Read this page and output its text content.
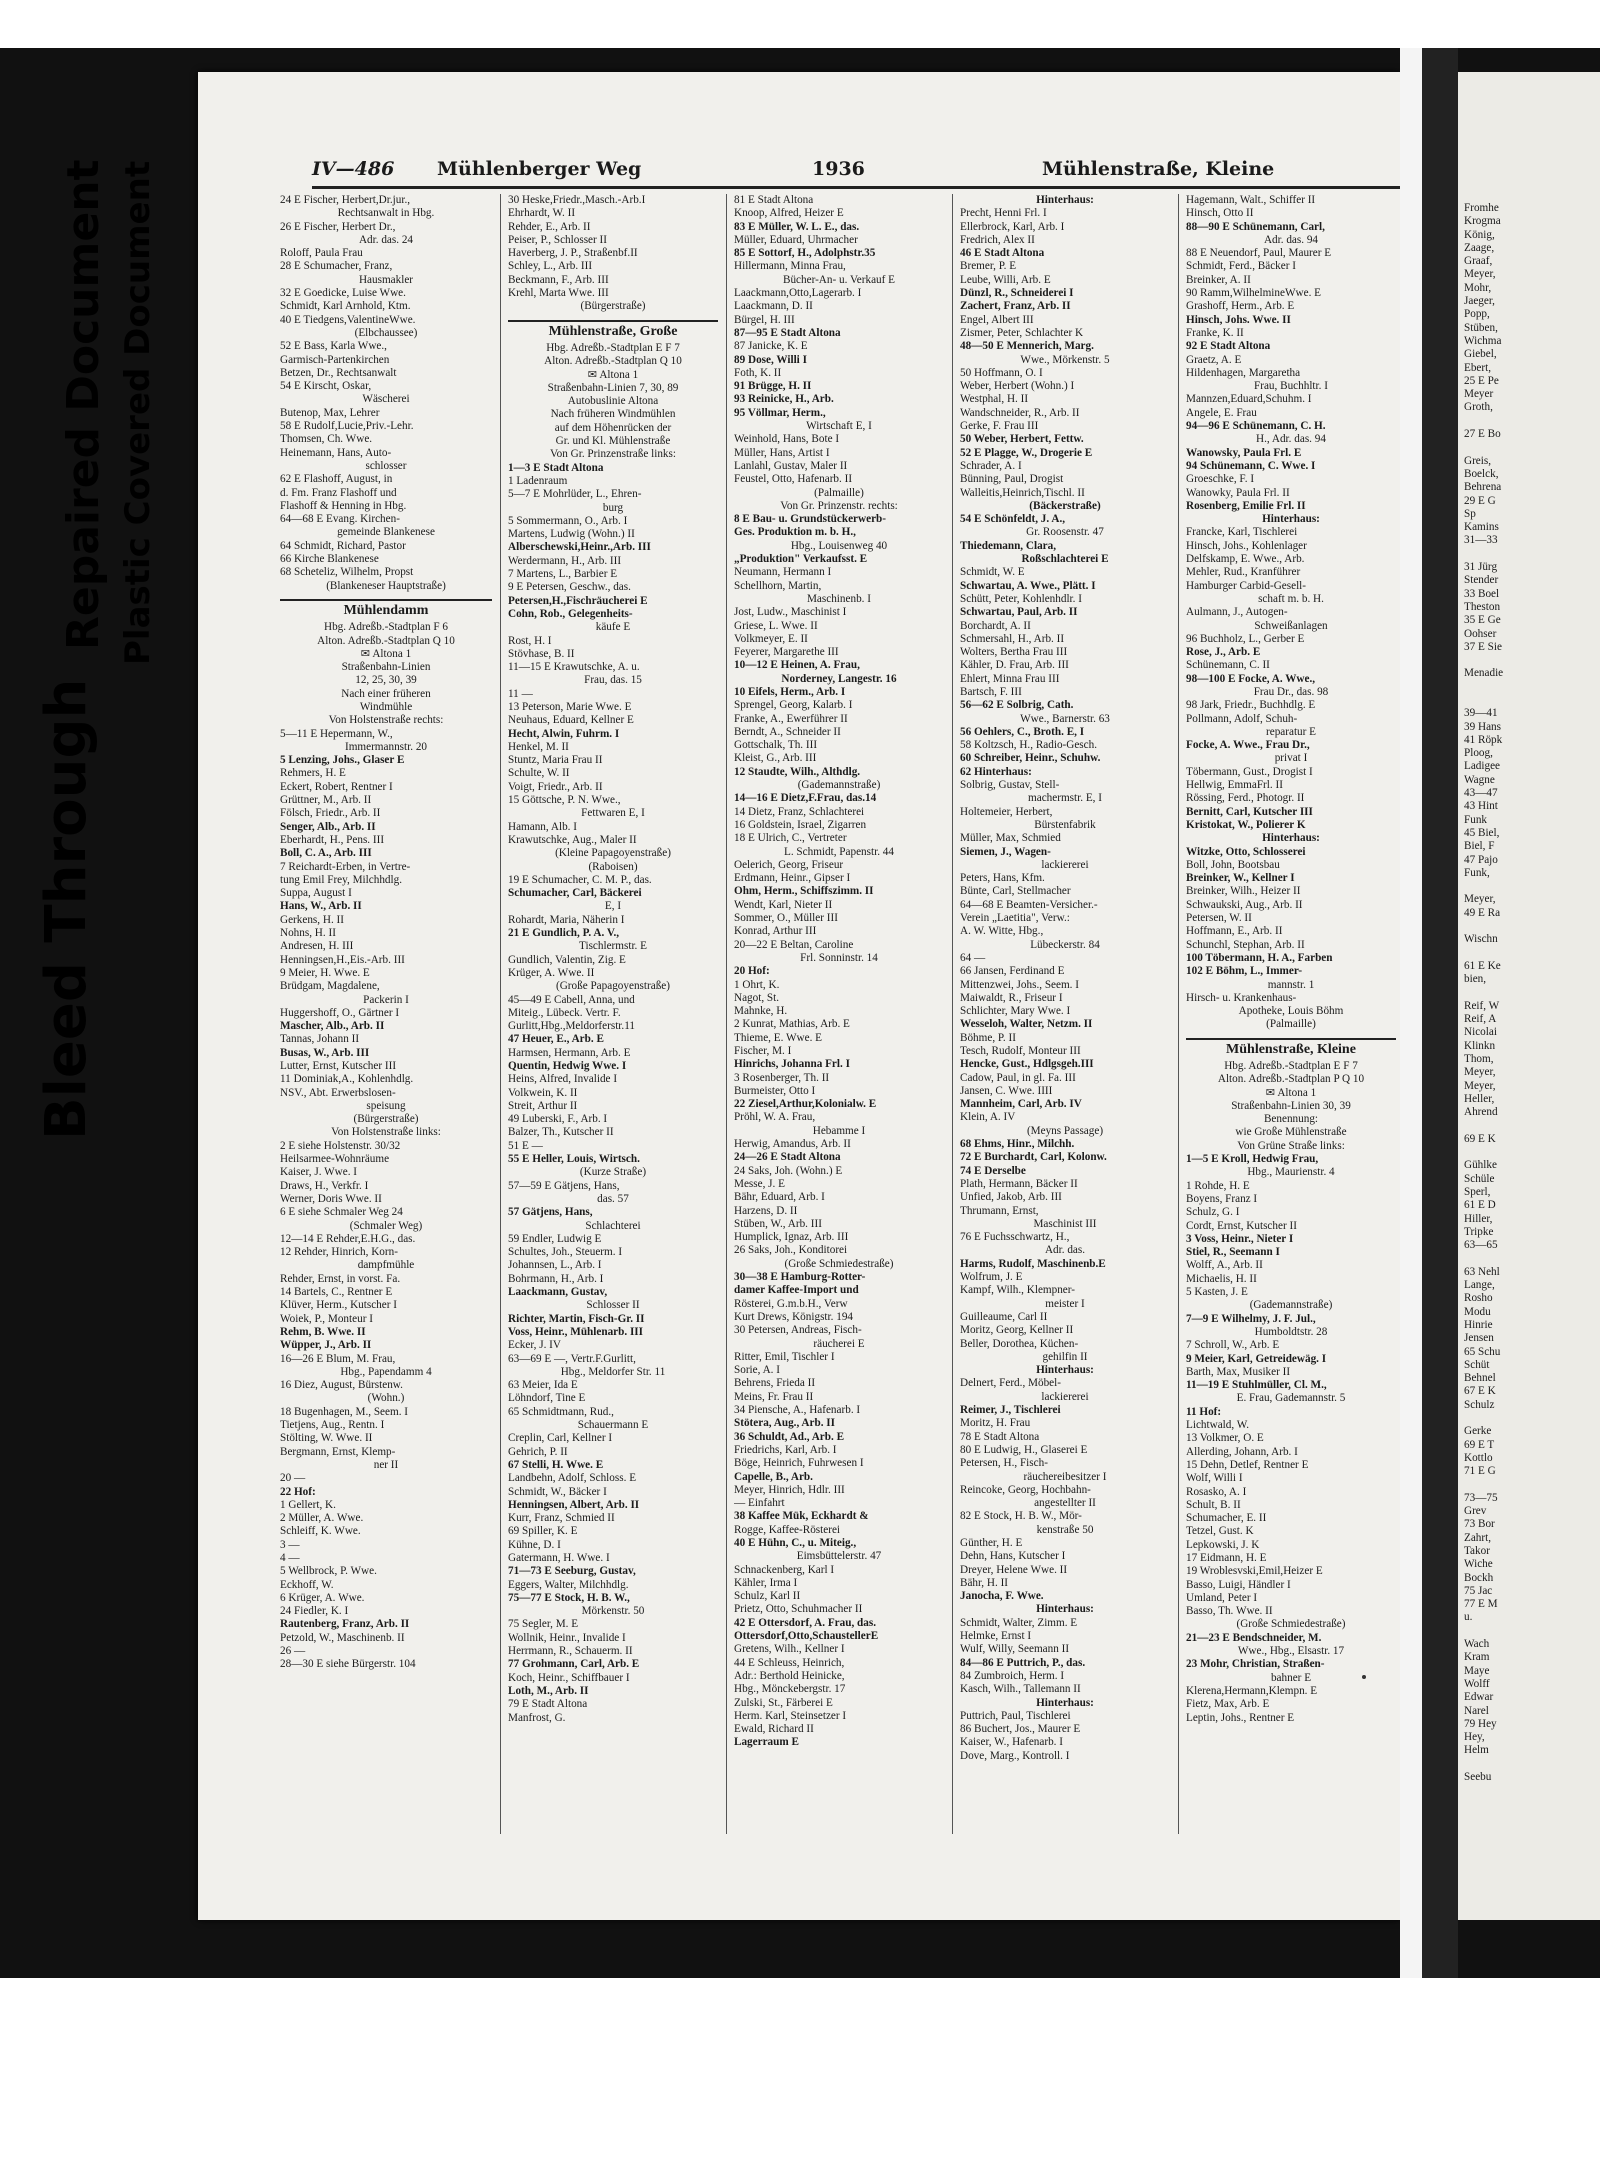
Bleed Through
Repaired Document Plastic Covered Document	Fromhe
Krogma
König,
Zaage,
Graaf,
Meyer,
Mohr,
Jaeger,
Popp,
Stüben,
Wichma
Giebel,
Ebert,
25 E Pe
Meyer
Groth,

27 E Bo

Greis,
Boelck,
Behrena
29 E G
Sp
Kamins
31—33

31 Jürg
Stender
33 Boel
Theston
35 E Ge
Oohser
37 E Sie

Menadie

39—41
39 Hans
41 Röpk
Ploog,
Ladigee
Wagne
43—47
43 Hint
Funk
45 Biel,
Biel, F
47 Pajo
Funk,

Meyer,
49 E Ra

Wischn

61 E Ke
bien,

Reif, W
Reif, A
Nicolai
Klinkn
Thom,
Meyer,
Meyer,
Heller,
Ahrend

69 E K

Gühlke
Schüle
Sperl,
61 E D
Hiller,
Tripke
63—65

63 Nehl
Lange,
Rosho
Modu
Hinrie
Jensen
65 Schu
Schüt
Behnel
67 E K
Schulz

Gerke
69 E T
Kottlo
71 E G

73—75
Grev
73 Bor
Zahrt,
Takor
Wiche
Bockh
75 Jac
77 E M
u.

Wach
Kram
Maye
Wolff
Edwar
Narel
79 Hey
Hey,
Helm

Seebu
IV—486 Mühlenberger Weg	1936	Mühlenstraße, Kleine
24 E Fischer, Herbert,Dr.jur.,
Rechtsanwalt in Hbg.
26 E Fischer, Herbert Dr.,
Adr. das. 24
Roloff, Paula Frau
28 E Schumacher, Franz,
Hausmakler
32 E Goedicke, Luise Wwe.
Schmidt, Karl Arnhold, Ktm.
40 E Tiedgens,ValentineWwe.
(Elbchaussee)
52 E Bass, Karla Wwe.,
Garmisch-Partenkirchen
Betzen, Dr., Rechtsanwalt
54 E Kirscht, Oskar,
Wäscherei
Butenop, Max, Lehrer
58 E Rudolf,Lucie,Priv.-Lehr.
Thomsen, Ch. Wwe.
Heinemann, Hans, Auto-
schlosser
62 E Flashoff, August, in
d. Fm. Franz Flashoff und
Flashoff & Henning in Hbg.
64—68 E Evang. Kirchen-
gemeinde Blankenese
64 Schmidt, Richard, Pastor
66 Kirche Blankenese
68 Scheteliz, Wilhelm, Propst
(Blankeneser Hauptstraße)
Mühlendamm
Hbg. Adreßb.-Stadtplan F 6
Alton. Adreßb.-Stadtplan Q 10
✉ Altona 1
Straßenbahn-Linien
12, 25, 30, 39
Nach einer früheren
Windmühle
Von Holstenstraße rechts:
5—11 E Hepermann, W.,
Immermannstr. 20
5 Lenzing, Johs., Glaser E
Rehmers, H. E
Eckert, Robert, Rentner I
Grüttner, M., Arb. II
Fölsch, Friedr., Arb. II
Senger, Alb., Arb. II
Eberhardt, H., Pens. III
Boll, C. A., Arb. III
7 Reichardt-Erben, in Vertre-
tung Emil Frey, Milchhdlg.
Suppa, August I
Hans, W., Arb. II
Gerkens, H. II
Nohns, H. II
Andresen, H. III
Henningsen,H.,Eis.-Arb. III
9 Meier, H. Wwe. E
Brüdgam, Magdalene,
Packerin I
Huggershoff, O., Gärtner I
Mascher, Alb., Arb. II
Tannas, Johann II
Busas, W., Arb. III
Lutter, Ernst, Kutscher III
11 Dominiak,A., Kohlenhdlg.
NSV., Abt. Erwerbslosen-
speisung
(Bürgerstraße)
Von Holstenstraße links:
2 E siehe Holstenstr. 30/32
Heilsarmee-Wohnräume
Kaiser, J. Wwe. I
Draws, H., Verkfr. I
Werner, Doris Wwe. II
6 E siehe Schmaler Weg 24
(Schmaler Weg)
12—14 E Rehder,E.H.G., das.
12 Rehder, Hinrich, Korn-
dampfmühle
Rehder, Ernst, in vorst. Fa.
14 Bartels, C., Rentner E
Klüver, Herm., Kutscher I
Woiek, P., Monteur I
Rehm, B. Wwe. II
Wüpper, J., Arb. II
16—26 E Blum, M. Frau,
Hbg., Papendamm 4
16 Diez, August, Bürstenw.
(Wohn.)
18 Bugenhagen, M., Seem. I
Tietjens, Aug., Rentn. I
Stölting, W. Wwe. II
Bergmann, Ernst, Klemp-
ner II
20 —
22 Hof:
1 Gellert, K.
2 Müller, A. Wwe.
Schleiff, K. Wwe.
3 —
4 —
5 Wellbrock, P. Wwe.
Eckhoff, W.
6 Krüger, A. Wwe.
24 Fiedler, K. I
Rautenberg, Franz, Arb. II
Petzold, W., Maschinenb. II
26 —
28—30 E siehe Bürgerstr. 104
30 Heske,Friedr.,Masch.-Arb.I
Ehrhardt, W. II
Rehder, E., Arb. II
Peiser, P., Schlosser II
Haverberg, J. P., Straßenbf.II
Schley, L., Arb. III
Beckmann, F., Arb. III
Krehl, Marta Wwe. III
(Bürgerstraße)
Mühlenstraße, Große
Hbg. Adreßb.-Stadtplan E F 7
Alton. Adreßb.-Stadtplan Q 10
✉ Altona 1
Straßenbahn-Linien 7, 30, 89
Autobuslinie Altona
Nach früheren Windmühlen
auf dem Höhenrücken der
Gr. und Kl. Mühlenstraße
Von Gr. Prinzenstraße links:
1—3 E Stadt Altona
1 Ladenraum
5—7 E Mohrlüder, L., Ehren-
burg
5 Sommermann, O., Arb. I
Martens, Ludwig (Wohn.) II
Alberschewski,Heinr.,Arb. III
Werdermann, H., Arb. III
7 Martens, L., Barbier E
9 E Petersen, Geschw., das.
Petersen,H.,Fischräucherei E
Cohn, Rob., Gelegenheits-
käufe E
Rost, H. I
Stövhase, B. II
11—15 E Krawutschke, A. u.
Frau, das. 15
11 —
13 Peterson, Marie Wwe. E
Neuhaus, Eduard, Kellner E
Hecht, Alwin, Fuhrm. I
Henkel, M. II
Stuntz, Maria Frau II
Schulte, W. II
Voigt, Friedr., Arb. II
15 Göttsche, P. N. Wwe.,
Fettwaren E, I
Hamann, Alb. I
Krawutschke, Aug., Maler II
(Kleine Papagoyenstraße)
(Raboisen)
19 E Schumacher, C. M. P., das.
Schumacher, Carl, Bäckerei
E, I
Rohardt, Maria, Näherin I
21 E Gundlich, P. A. V.,
Tischlermstr. E
Gundlich, Valentin, Zig. E
Krüger, A. Wwe. II
(Große Papagoyenstraße)
45—49 E Cabell, Anna, und
Miteig., Lübeck. Vertr. F.
Gurlitt,Hbg.,Meldorferstr.11
47 Heuer, E., Arb. E
Harmsen, Hermann, Arb. E
Quentin, Hedwig Wwe. I
Heins, Alfred, Invalide I
Volkwein, K. II
Streit, Arthur II
49 Luberski, F., Arb. I
Balzer, Th., Kutscher II
51 E —
55 E Heller, Louis, Wirtsch.
(Kurze Straße)
57—59 E Gätjens, Hans,
das. 57
57 Gätjens, Hans,
Schlachterei
59 Endler, Ludwig E
Schultes, Joh., Steuerm. I
Johannsen, L., Arb. I
Bohrmann, H., Arb. I
Laackmann, Gustav,
Schlosser II
Richter, Martin, Fisch-Gr. II
Voss, Heinr., Mühlenarb. III
Ecker, J. IV
63—69 E —, Vertr.F.Gurlitt,
Hbg., Meldorfer Str. 11
63 Meier, Ida E
Löhndorf, Tine E
65 Schmidtmann, Rud.,
Schauermann E
Creplin, Carl, Kellner I
Gehrich, P. II
67 Stelli, H. Wwe. E
Landbehn, Adolf, Schloss. E
Schmidt, W., Bäcker I
Henningsen, Albert, Arb. II
Kurr, Franz, Schmied II
69 Spiller, K. E
Kühne, D. I
Gatermann, H. Wwe. I
71—73 E Seeburg, Gustav,
Eggers, Walter, Milchhdlg.
75—77 E Stock, H. B. W.,
Mörkenstr. 50
75 Segler, M. E
Wollnik, Heinr., Invalide I
Herrmann, R., Schauerm. II
77 Grohmann, Carl, Arb. E
Koch, Heinr., Schiffbauer I
Loth, M., Arb. II
79 E Stadt Altona
Manfrost, G.
81 E Stadt Altona
Knoop, Alfred, Heizer E
83 E Müller, W. L. E., das.
Müller, Eduard, Uhrmacher
85 E Sottorf, H., Adolphstr.35
Hillermann, Minna Frau,
Bücher-An- u. Verkauf E
Laackmann,Otto,Lagerarb. I
Laackmann, D. II
Bürgel, H. III
87—95 E Stadt Altona
87 Janicke, K. E
89 Dose, Willi I
Foth, K. II
91 Brügge, H. II
93 Reinicke, H., Arb.
95 Völlmar, Herm.,
Wirtschaft E, I
Weinhold, Hans, Bote I
Müller, Hans, Artist I
Lanlahl, Gustav, Maler II
Feustel, Otto, Hafenarb. II
(Palmaille)
Von Gr. Prinzenstr. rechts:
8 E Bau- u. Grundstückerwerb-
Ges. Produktion m. b. H.,
Hbg., Louisenweg 40
„Produktion" Verkaufsst. E
Neumann, Hermann I
Schellhorn, Martin,
Maschinenb. I
Jost, Ludw., Maschinist I
Griese, L. Wwe. II
Volkmeyer, E. II
Feyerer, Margarethe III
10—12 E Heinen, A. Frau,
Norderney, Langestr. 16
10 Eifels, Herm., Arb. I
Sprengel, Georg, Kalarb. I
Franke, A., Ewerführer II
Berndt, A., Schneider II
Gottschalk, Th. III
Kleist, G., Arb. III
12 Staudte, Wilh., Althdlg.
(Gademannstraße)
14—16 E Dietz,F.Frau, das.14
14 Dietz, Franz, Schlachterei
16 Goldstein, Israel, Zigarren
18 E Ulrich, C., Vertreter
L. Schmidt, Papenstr. 44
Oelerich, Georg, Friseur
Erdmann, Heinr., Gipser I
Ohm, Herm., Schiffszimm. II
Wendt, Karl, Nieter II
Sommer, O., Müller III
Konrad, Arthur III
20—22 E Beltan, Caroline
Frl. Sonninstr. 14
20 Hof:
1 Ohrt, K.
Nagot, St.
Mahnke, H.
2 Kunrat, Mathias, Arb. E
Thieme, E. Wwe. E
Fischer, M. I
Hinrichs, Johanna Frl. I
3 Rosenberger, Th. II
Burmeister, Otto I
22 Ziesel,Arthur,Kolonialw. E
Pröhl, W. A. Frau,
Hebamme I
Herwig, Amandus, Arb. II
24—26 E Stadt Altona
24 Saks, Joh. (Wohn.) E
Messe, J. E
Bähr, Eduard, Arb. I
Harzens, D. II
Stüben, W., Arb. III
Humplick, Ignaz, Arb. III
26 Saks, Joh., Konditorei
(Große Schmiedestraße)
30—38 E Hamburg-Rotter-
damer Kaffee-Import und
Rösterei, G.m.b.H., Verw
Kurt Drews, Königstr. 194
30 Petersen, Andreas, Fisch-
räucherei E
Ritter, Emil, Tischler I
Sorie, A. I
Behrens, Frieda II
Meins, Fr. Frau II
34 Piensche, A., Hafenarb. I
Stötera, Aug., Arb. II
36 Schuldt, Ad., Arb. E
Friedrichs, Karl, Arb. I
Böge, Heinrich, Fuhrwesen I
Capelle, B., Arb.
Meyer, Hinrich, Hdlr. III
— Einfahrt
38 Kaffee Mük, Eckhardt &
Rogge, Kaffee-Rösterei
40 E Hühn, C., u. Miteig.,
Eimsbüttelerstr. 47
Schnackenberg, Karl I
Kähler, Irma I
Schulz, Karl II
Prietz, Otto, Schuhmacher II
42 E Ottersdorf, A. Frau, das.
Ottersdorf,Otto,SchaustellerE
Gretens, Wilh., Kellner I
44 E Schleuss, Heinrich,
Adr.: Berthold Heinicke,
Hbg., Mönckebergstr. 17
Zulski, St., Färberei E
Herm. Karl, Steinsetzer I
Ewald, Richard II
Lagerraum E
Hinterhaus:
Precht, Henni Frl. I
Ellerbrock, Karl, Arb. I
Fredrich, Alex II
46 E Stadt Altona
Bremer, P. E
Leube, Willi, Arb. E
Dünzl, R., Schneiderei I
Zachert, Franz, Arb. II
Engel, Albert III
Zismer, Peter, Schlachter K
48—50 E Mennerich, Marg.
Wwe., Mörkenstr. 5
50 Hoffmann, O. I
Weber, Herbert (Wohn.) I
Westphal, H. II
Wandschneider, R., Arb. II
Gerke, F. Frau III
50 Weber, Herbert, Fettw.
52 E Plagge, W., Drogerie E
Schrader, A. I
Bünning, Paul, Drogist
Walleitis,Heinrich,Tischl. II
(Bäckerstraße)
54 E Schönfeldt, J. A.,
Gr. Roosenstr. 47
Thiedemann, Clara,
Roßschlachterei E
Schmidt, W. E
Schwartau, A. Wwe., Plätt. I
Schütt, Peter, Kohlenhdlr. I
Schwartau, Paul, Arb. II
Borchardt, A. II
Schmersahl, H., Arb. II
Wolters, Bertha Frau III
Kähler, D. Frau, Arb. III
Ehlert, Minna Frau III
Bartsch, F. III
56—62 E Solbrig, Cath.
Wwe., Barnerstr. 63
56 Oehlers, C., Broth. E, I
58 Koltzsch, H., Radio-Gesch.
60 Schreiber, Heinr., Schuhw.
62 Hinterhaus:
Solbrig, Gustav, Stell-
machermstr. E, I
Holtemeier, Herbert,
Bürstenfabrik
Müller, Max, Schmied
Siemen, J., Wagen-
lackiererei
Peters, Hans, Kfm.
Bünte, Carl, Stellmacher
64—68 E Beamten-Versicher.-
Verein „Laetitia", Verw.:
A. W. Witte, Hbg.,
Lübeckerstr. 84
64 —
66 Jansen, Ferdinand E
Mittenzwei, Johs., Seem. I
Maiwaldt, R., Friseur I
Schlichter, Mary Wwe. I
Wesseloh, Walter, Netzm. II
Böhme, P. II
Tesch, Rudolf, Monteur III
Hencke, Gust., Hdlgsgeh.III
Cadow, Paul, in gl. Fa. III
Jansen, C. Wwe. IIII
Mannheim, Carl, Arb. IV
Klein, A. IV
(Meyns Passage)
68 Ehms, Hinr., Milchh.
72 E Burchardt, Carl, Kolonw.
74 E Derselbe
Plath, Hermann, Bäcker II
Unfied, Jakob, Arb. III
Thrumann, Ernst,
Maschinist III
76 E Fuchsschwartz, H.,
Adr. das.
Harms, Rudolf, Maschinenb.E
Wolfrum, J. E
Kampf, Wilh., Klempner-
meister I
Guilleaume, Carl II
Moritz, Georg, Kellner II
Beller, Dorothea, Küchen-
gehilfin II
Hinterhaus:
Delnert, Ferd., Möbel-
lackiererei
Reimer, J., Tischlerei
Moritz, H. Frau
78 E Stadt Altona
80 E Ludwig, H., Glaserei E
Petersen, H., Fisch-
räuchereibesitzer I
Reincoke, Georg, Hochbahn-
angestellter II
82 E Stock, H. B. W., Mör-
kenstraße 50
Günther, H. E
Dehn, Hans, Kutscher I
Dreyer, Helene Wwe. II
Bähr, H. II
Janocha, F. Wwe.
Hinterhaus:
Schmidt, Walter, Zimm. E
Helmke, Ernst I
Wulf, Willy, Seemann II
84—86 E Puttrich, P., das.
84 Zumbroich, Herm. I
Kasch, Wilh., Tallemann II
Hinterhaus:
Puttrich, Paul, Tischlerei
86 Buchert, Jos., Maurer E
Kaiser, W., Hafenarb. I
Dove, Marg., Kontroll. I
Hagemann, Walt., Schiffer II
Hinsch, Otto II
88—90 E Schünemann, Carl,
Adr. das. 94
88 E Neuendorf, Paul, Maurer E
Schmidt, Ferd., Bäcker I
Breinker, A. II
90 Ramm,WilhelmineWwe. E
Grashoff, Herm., Arb. E
Hinsch, Johs. Wwe. II
Franke, K. II
92 E Stadt Altona
Graetz, A. E
Hildenhagen, Margaretha
Frau, Buchhltr. I
Mannzen,Eduard,Schuhm. I
Angele, E. Frau
94—96 E Schünemann, C. H.
H., Adr. das. 94
Wanowsky, Paula Frl. E
94 Schünemann, C. Wwe. I
Groeschke, F. I
Wanowky, Paula Frl. II
Rosenberg, Emilie Frl. II
Hinterhaus:
Francke, Karl, Tischlerei
Hinsch, Johs., Kohlenlager
Delfskamp, E. Wwe., Arb.
Mehler, Rud., Kranführer
Hamburger Carbid-Gesell-
schaft m. b. H.
Aulmann, J., Autogen-
Schweißanlagen
96 Buchholz, L., Gerber E
Rose, J., Arb. E
Schünemann, C. II
98—100 E Focke, A. Wwe.,
Frau Dr., das. 98
98 Jark, Friedr., Buchhdlg. E
Pollmann, Adolf, Schuh-
reparatur E
Focke, A. Wwe., Frau Dr.,
privat I
Töbermann, Gust., Drogist I
Hellwig, EmmaFrl. II
Rössing, Ferd., Photogr. II
Bernitt, Carl, Kutscher III
Kristokat, W., Polierer K
Hinterhaus:
Witzke, Otto, Schlosserei
Boll, John, Bootsbau
Breinker, W., Kellner I
Breinker, Wilh., Heizer II
Schwaukski, Aug., Arb. II
Petersen, W. II
Hoffmann, E., Arb. II
Schunchl, Stephan, Arb. II
100 Töbermann, H. A., Farben
102 E Böhm, L., Immer-
mannstr. 1
Hirsch- u. Krankenhaus-
Apotheke, Louis Böhm
(Palmaille)
Mühlenstraße, Kleine
Hbg. Adreßb.-Stadtplan E F 7
Alton. Adreßb.-Stadtplan P Q 10
✉ Altona 1
Straßenbahn-Linien 30, 39
Benennung:
wie Große Mühlenstraße
Von Grüne Straße links:
1—5 E Kroll, Hedwig Frau,
Hbg., Maurienstr. 4
1 Rohde, H. E
Boyens, Franz I
Schulz, G. I
Cordt, Ernst, Kutscher II
3 Voss, Heinr., Nieter I
Stiel, R., Seemann I
Wolff, A., Arb. II
Michaelis, H. II
5 Kasten, J. E
(Gademannstraße)
7—9 E Wilhelmy, J. F. Jul.,
Humboldtstr. 28
7 Schroll, W., Arb. E
9 Meier, Karl, Getreidewäg. I
Barth, Max, Musiker II
11—19 E Stuhlmüller, Cl. M.,
E. Frau, Gademannstr. 5
11 Hof:
Lichtwald, W.
13 Volkmer, O. E
Allerding, Johann, Arb. I
15 Dehn, Detlef, Rentner E
Wolf, Willi I
Rosasko, A. I
Schult, B. II
Schumacher, E. II
Tetzel, Gust. K
Lepkowski, J. K
17 Eidmann, H. E
19 Wroblesvski,Emil,Heizer E
Basso, Luigi, Händler I
Umland, Peter I
Basso, Th. Wwe. II
(Große Schmiedestraße)
21—23 E Bendschneider, M.
Wwe., Hbg., Elsastr. 17
23 Mohr, Christian, Straßen-
bahner E
Klerena,Hermann,Klempn. E
Fietz, Max, Arb. E
Leptin, Johs., Rentner E
